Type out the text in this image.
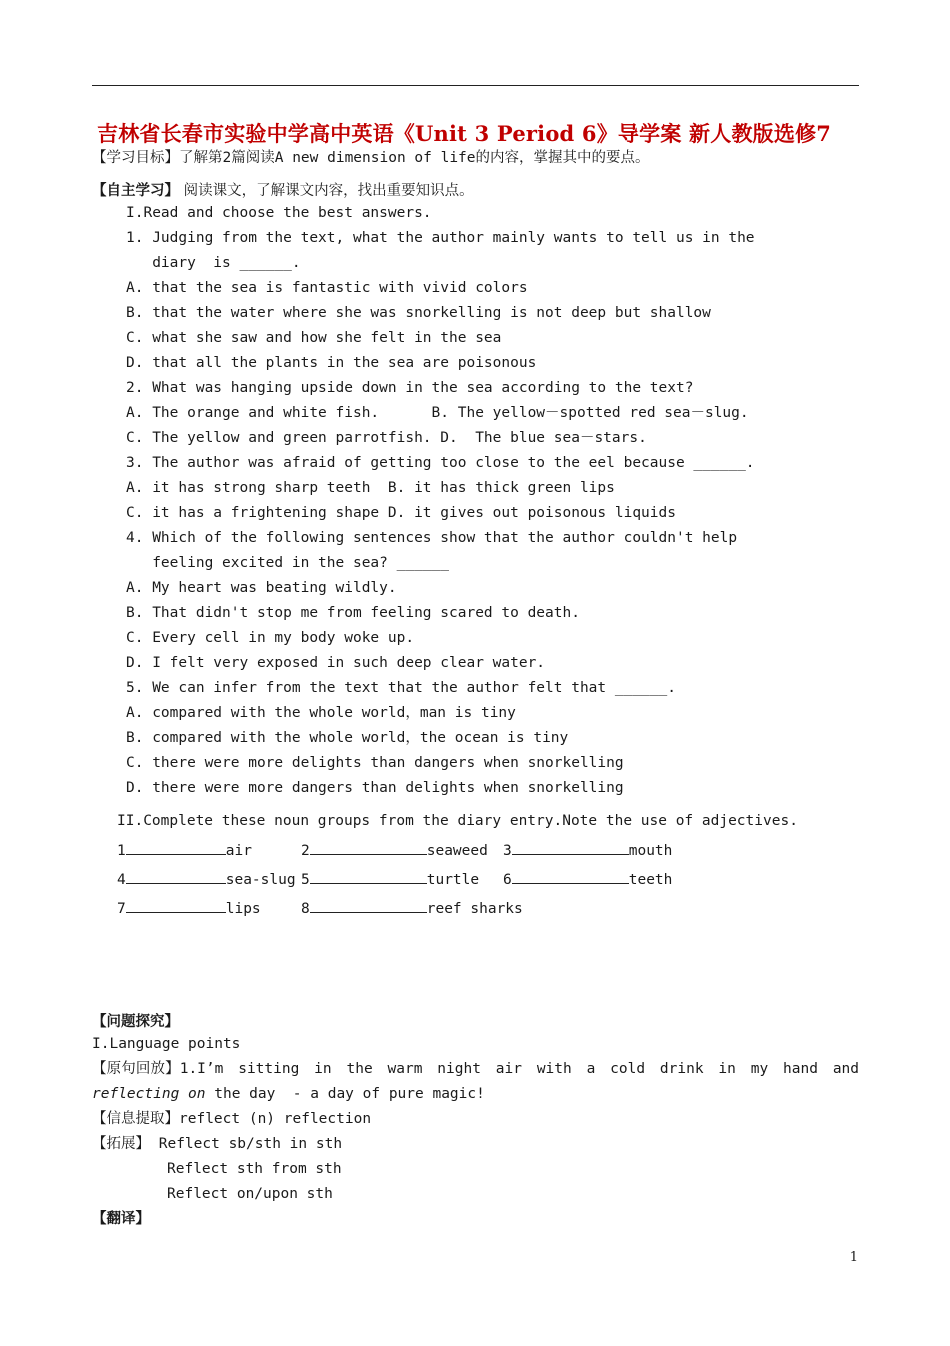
吉林省长春市实验中学高中英语《Unit 3 Period 6》导学案 新人教版选修7
【学习目标】了解第2篇阅读A new dimension of life的内容，掌握其中的要点。
【自主学习】 阅读课文，了解课文内容，找出重要知识点。
I.Read and choose the best answers.
1. Judging from the text, what the author mainly wants to tell us in the
diary  is ______.
A. that the sea is fantastic with vivid colors
B. that the water where she was snorkelling is not deep but shallow
C. what she saw and how she felt in the sea
D. that all the plants in the sea are poisonous
2. What was hanging upside down in the sea according to the text?
A. The orange and white fish.      B. The yellow－spotted red sea－slug.
C. The yellow and green parrotfish. D.  The blue sea－stars.
3. The author was afraid of getting too close to the eel because ______.
A. it has strong sharp teeth  B. it has thick green lips
C. it has a frightening shape D. it gives out poisonous liquids
4. Which of the following sentences show that the author couldn't help
feeling excited in the sea? ______
A. My heart was beating wildly.
B. That didn't stop me from feeling scared to death.
C. Every cell in my body woke up.
D. I felt very exposed in such deep clear water.
5. We can infer from the text that the author felt that ______.
A. compared with the whole world，man is tiny
B. compared with the whole world，the ocean is tiny
C. there were more delights than dangers when snorkelling
D. there were more dangers than delights when snorkelling
II.Complete these noun groups from the diary entry.Note the use of adjectives.
1	air	2	seaweed 3	mouth
4	sea-slug 5	turtle 6	teeth
7	lips	8	reef sharks
【问题探究】
I.Language points
【原句回放】1.I’m sitting in the warm night air with a cold drink in my hand and
reflecting on the day  - a day of pure magic!
【信息提取】reflect (n) reflection
【拓展】 Reflect sb/sth in sth
Reflect sth from sth
Reflect on/upon sth
【翻译】
1
